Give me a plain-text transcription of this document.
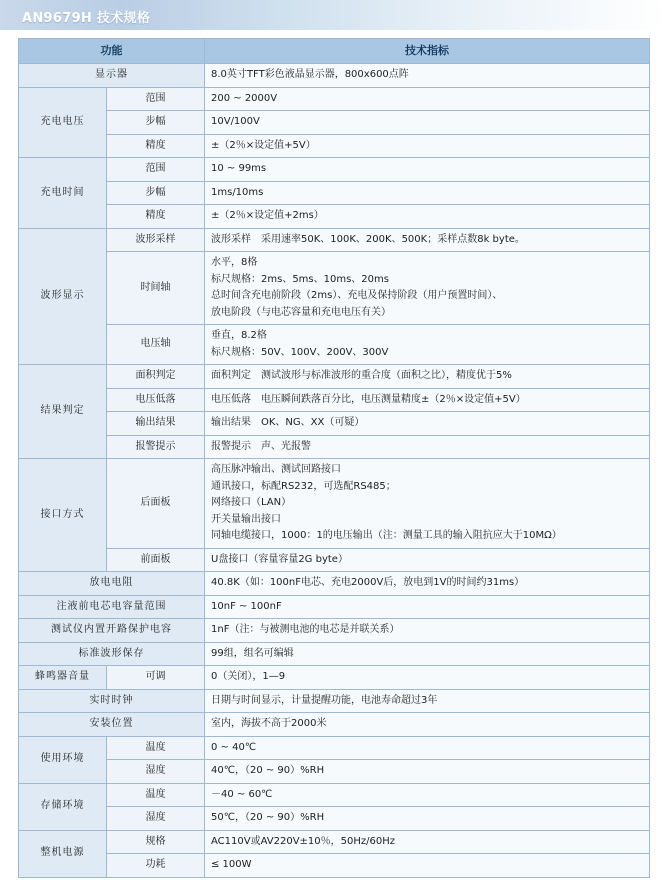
AN9679H 技术规格
功能		技术指标
显示器		8.0英寸TFT彩色液晶显示器，800x600点阵

充电电压	范围	200 ~ 2000V

	步幅	10V/100V

	精度	±（2％×设定值+5V）

充电时间	范围	10 ~ 99ms

	步幅	1ms/10ms

	精度	±（2％×设定值+2ms）

波形显示	波形采样	波形采样　采用速率50K、100K、200K、500K；采样点数8k byte。

	时间轴	水平，8格
标尺规格：2ms、5ms、10ms、20ms
总时间含充电前阶段（2ms）、充电及保持阶段（用户预置时间）、
放电阶段（与电芯容量和充电电压有关）

	电压轴	垂直，8.2格
标尺规格：50V、100V、200V、300V

结果判定	面积判定	面积判定　测试波形与标准波形的重合度（面积之比），精度优于5%

	电压低落	电压低落　电压瞬间跌落百分比，电压测量精度±（2％×设定值+5V）

	输出结果	输出结果　OK、NG、XX（可疑）

	报警提示	报警提示　声、光报警

接口方式	后面板	高压脉冲输出、测试回路接口
通讯接口，标配RS232，可选配RS485；
网络接口（LAN）
开关量输出接口
同轴电缆接口，1000：1的电压输出（注：测量工具的输入阻抗应大于10MΩ）

	前面板	U盘接口（容量容量2G byte）

放电电阻		40.8K（如：100nF电芯、充电2000V后，放电到1V的时间约31ms）

注液前电芯电容量范围		10nF ~ 100nF

测试仪内置开路保护电容		1nF（注：与被测电池的电芯是并联关系）

标准波形保存		99组，组名可编辑

蜂鸣器音量	可调	0（关闭），1—9

实时时钟		日期与时间显示，计量提醒功能，电池寿命超过3年

安装位置		室内，海拔不高于2000米

使用环境	温度	0 ~ 40℃

	湿度	40℃，（20 ~ 90）%RH

存储环境	温度	－40 ~ 60℃

	湿度	50℃，（20 ~ 90）%RH

整机电源	规格	AC110V或AV220V±10％，50Hz/60Hz

	功耗	≤ 100W
